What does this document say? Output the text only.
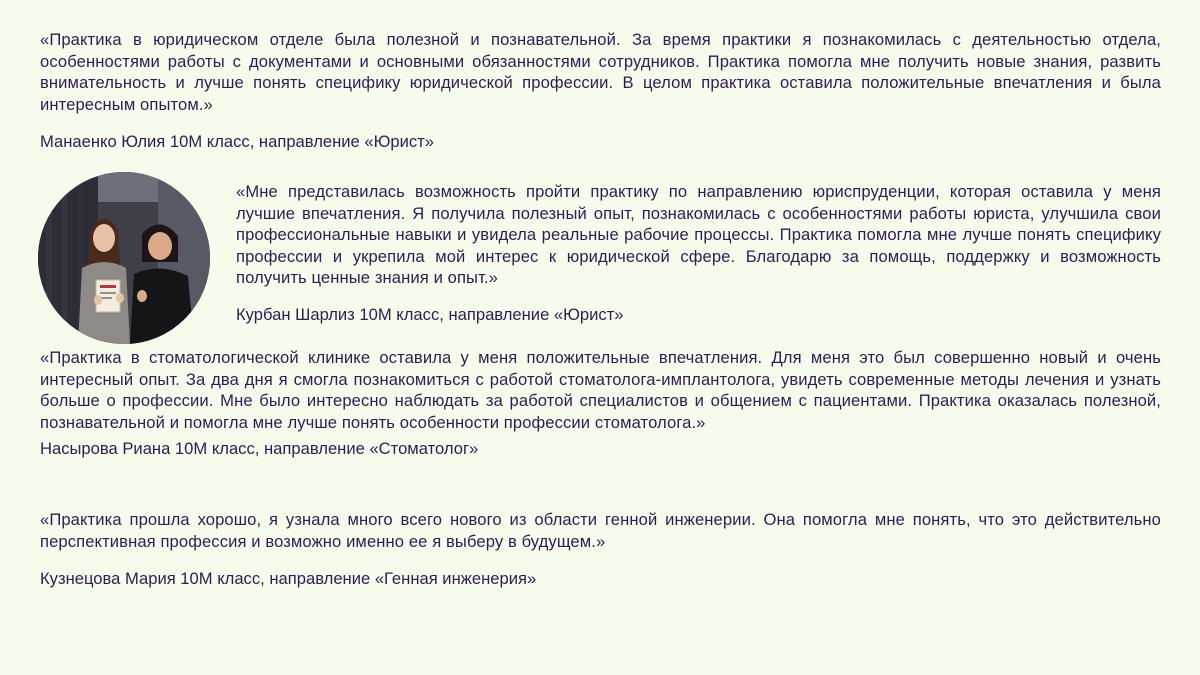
«Практика в юридическом отделе была полезной и познавательной. За время практики я познакомилась с деятельностью отдела, особенностями работы с документами и основными обязанностями сотрудников. Практика помогла мне получить новые знания, развить внимательность и лучше понять специфику юридической профессии. В целом практика оставила положительные впечатления и была интересным опытом.»

Манаенко Юлия 10М класс, направление «Юрист»

«Мне представилась возможность пройти практику по направлению юриспруденции, которая оставила у меня лучшие впечатления. Я получила полезный опыт, познакомилась с особенностями работы юриста, улучшила свои профессиональные навыки и увидела реальные рабочие процессы. Практика помогла мне лучше понять специфику профессии и укрепила мой интерес к юридической сфере. Благодарю за помощь, поддержку и возможность получить ценные знания и опыт.»

Курбан Шарлиз 10М класс, направление «Юрист»

«Практика в стоматологической клинике оставила у меня положительные впечатления. Для меня это был совершенно новый и очень интересный опыт. За два дня я смогла познакомиться с работой стоматолога-имплантолога, увидеть современные методы лечения и узнать больше о профессии. Мне было интересно наблюдать за работой специалистов и общением с пациентами. Практика оказалась полезной, познавательной и помогла мне лучше понять особенности профессии стоматолога.»

Насырова Риана 10М класс, направление «Стоматолог»

«Практика прошла хорошо, я узнала много всего нового из области генной инженерии. Она помогла мне понять, что это действительно перспективная профессия и возможно именно ее я выберу в будущем.»

Кузнецова Мария 10М класс, направление «Генная инженерия»
